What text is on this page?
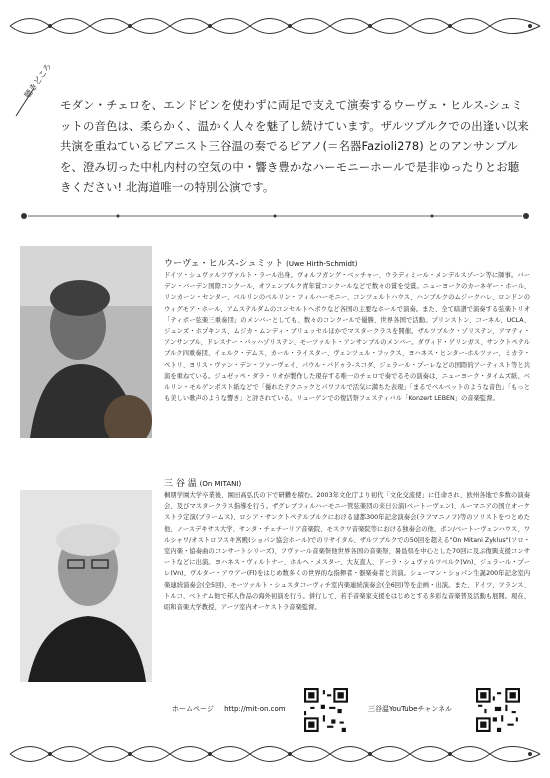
聴きどころ
モダン・チェロを、エンドピンを使わずに両足で支えて演奏するウーヴェ・ヒルス-シュミットの音色は、柔らかく、温かく人々を魅了し続けています。ザルツブルクでの出逢い以来共演を重ねているピアニスト三谷温の奏でるピアノ(＝名器Fazioli278) とのアンサンブルを、澄み切った中札内村の空気の中・響き豊かなハーモニーホールで是非ゆったりとお聴きください! 北海道唯一の特別公演です。
ウーヴェ・ヒルス-シュミット (Uwe Hirth-Schmidt)
ドイツ・シュヴァルツヴァルト・ラール出身。ヴォルフガング・ベッチャー、ウラディミール・メンデルスゾーン等に師事。バーデン・バーデン国際コンクール、オフェンブルク青年賞コンクールなどで数々の賞を受賞。ニューヨークのカーネギー・ホール、リンカーン・センター、ベルリンのベルリン・フィルハーモニー、コンツェルトハウス、ハンブルクのムジークハレ、ロンドンのウィグモア・ホール、アムステルダムのコンセルトヘボウなど各国の主要なホールで演奏。また、全て暗譜で演奏する弦楽トリオ「ティボー弦楽三重奏団」のメンバーとしても、数々のコンクールで優勝、世界各国で活動。プリンストン、コーネル、UCLA、ジュンズ・ホプキンス、ムジカ・ムンディ・ブリュッセルほかでマスタークラスを開催。ザルツブルク・ゾリステン、アマティ・アンサンブル、ドレスナー・バッハゾリステン、モーツァルト・アンサンブルのメンバー。ダヴィド・ゲリンガス、サンクトペテルブルク四重奏団、イェルク・デムス、カール・ライスター、ヴェンツェル・フックス、ヨハネス・ヒンター-ホルツァー、ミカラ・ペトリ、ヨリス・ヴァン・デン・ファーヴェイ、パウル・バドゥラ-スコダ、ジェラール・プーレなどの国際的アーティスト等と共演を重ねている。ジュゼッペ・ダラ・リオが製作した現存する唯一のチェロで奏でるその演奏は、ニューヨーク・タイムズ紙、ベルリン・モルゲンポスト紙などで「優れたテクニックとパワフルで活気に満ちた表現」「まるでベルベットのような音色」「もっとも美しい歌声のような響き」と評されている。リューゲンでの復活祭フェスティバル「Konzert LEBEN」の音楽監督。
三 谷 温 (On MITANI)
桐朋学園大学卒業後、園田高弘氏の下で研鑽を積む。2003年文化庁より初代「文化交流使」に任命され、欧州各地で多数の演奏会、及びマスタークラス指導を行う。ザグレブフィルハーモニー管弦楽団の来日公演(ベートーヴェン)、ルーマニアの国立オーケストラ定演(ブラームス)、ロシア・サンクトペテルブルクにおける建都300年記念演奏会(ラフマニノフ)等のソリストをつとめた他、ノースデキサス大学、サンタ・チェチーリア音楽院、モスクワ音楽院等における独奏会の他、ボン/ベートーヴェンハウス、ワルシャワ/オストロフスキ宮殿(ショパン協会ホール)でのリサイタル、ザルツブルクでの50回を超える"On Mitani Zyklus"(ソロ・室内楽・協奏曲のコンサートシリーズ)、フヴァール音楽祭他世界各国の音楽祭、暑島県を中心とした70回に及ぶ復興支援コンサートなどに出演。ヨハネス・ヴィルトナー、ホルヘ・メスター、大友直人、ドーラ・シュヴァルツベルク(Vn)、ジェラール・プーレ(Vn)、ヴルター・アウアー(Fl)をはじめ数多くの世界的な指揮者・器楽奏者と共演。シューマン・ショパン生誕200年記念室内楽連続演奏会(全5回)、モーツァルト・シュスタコーヴィチ室内楽連続演奏会(全6回)等を企画・出演。また、ドイツ、フランス、トルコ、ベトナム他で邦人作品の海外初演を行う。併行して、若手音楽家支援をはじめとする多彩な音楽普及活動も展開。現在、昭和音楽大学教授、アーツ室内オーケストラ音楽監督。
ホームページ http://mit-on.com	三谷温YouTubeチャンネル
